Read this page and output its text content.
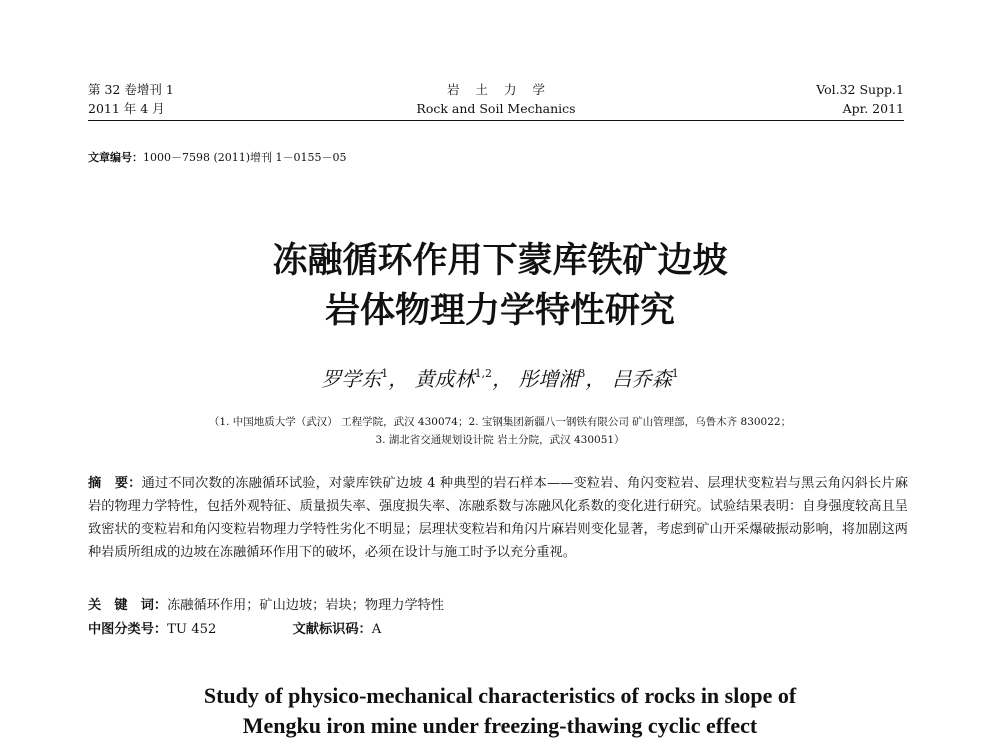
第 32 卷增刊 1
2011 年 4 月
岩土力学
Rock and Soil Mechanics
Vol.32 Supp.1
Apr. 2011
文章编号：1000－7598 (2011)增刊 1－0155－05
冻融循环作用下蒙库铁矿边坡
岩体物理力学特性研究
罗学东$^1$， 黄成林$^{1,2}$， 彤增湘$^3$， 吕乔森$^1$
（1. 中国地质大学（武汉） 工程学院，武汉 430074；2. 宝钢集团新疆八一钢铁有限公司 矿山管理部，乌鲁木齐 830022；
3. 湖北省交通规划设计院 岩土分院，武汉 430051）
摘　要：通过不同次数的冻融循环试验，对蒙库铁矿边坡 4 种典型的岩石样本——变粒岩、角闪变粒岩、层理状变粒岩与黑云角闪斜长片麻岩的物理力学特性，包括外观特征、质量损失率、强度损失率、冻融系数与冻融风化系数的变化进行研究。试验结果表明：自身强度较高且呈致密状的变粒岩和角闪变粒岩物理力学特性劣化不明显；层理状变粒岩和角闪片麻岩则变化显著，考虑到矿山开采爆破振动影响，将加剧这两种岩质所组成的边坡在冻融循环作用下的破坏，必须在设计与施工时予以充分重视。
关　键　词：冻融循环作用；矿山边坡；岩块；物理力学特性
中图分类号：TU 452	文献标识码：A
Study of physico-mechanical characteristics of rocks in slope of
Mengku iron mine under freezing-thawing cyclic effect
